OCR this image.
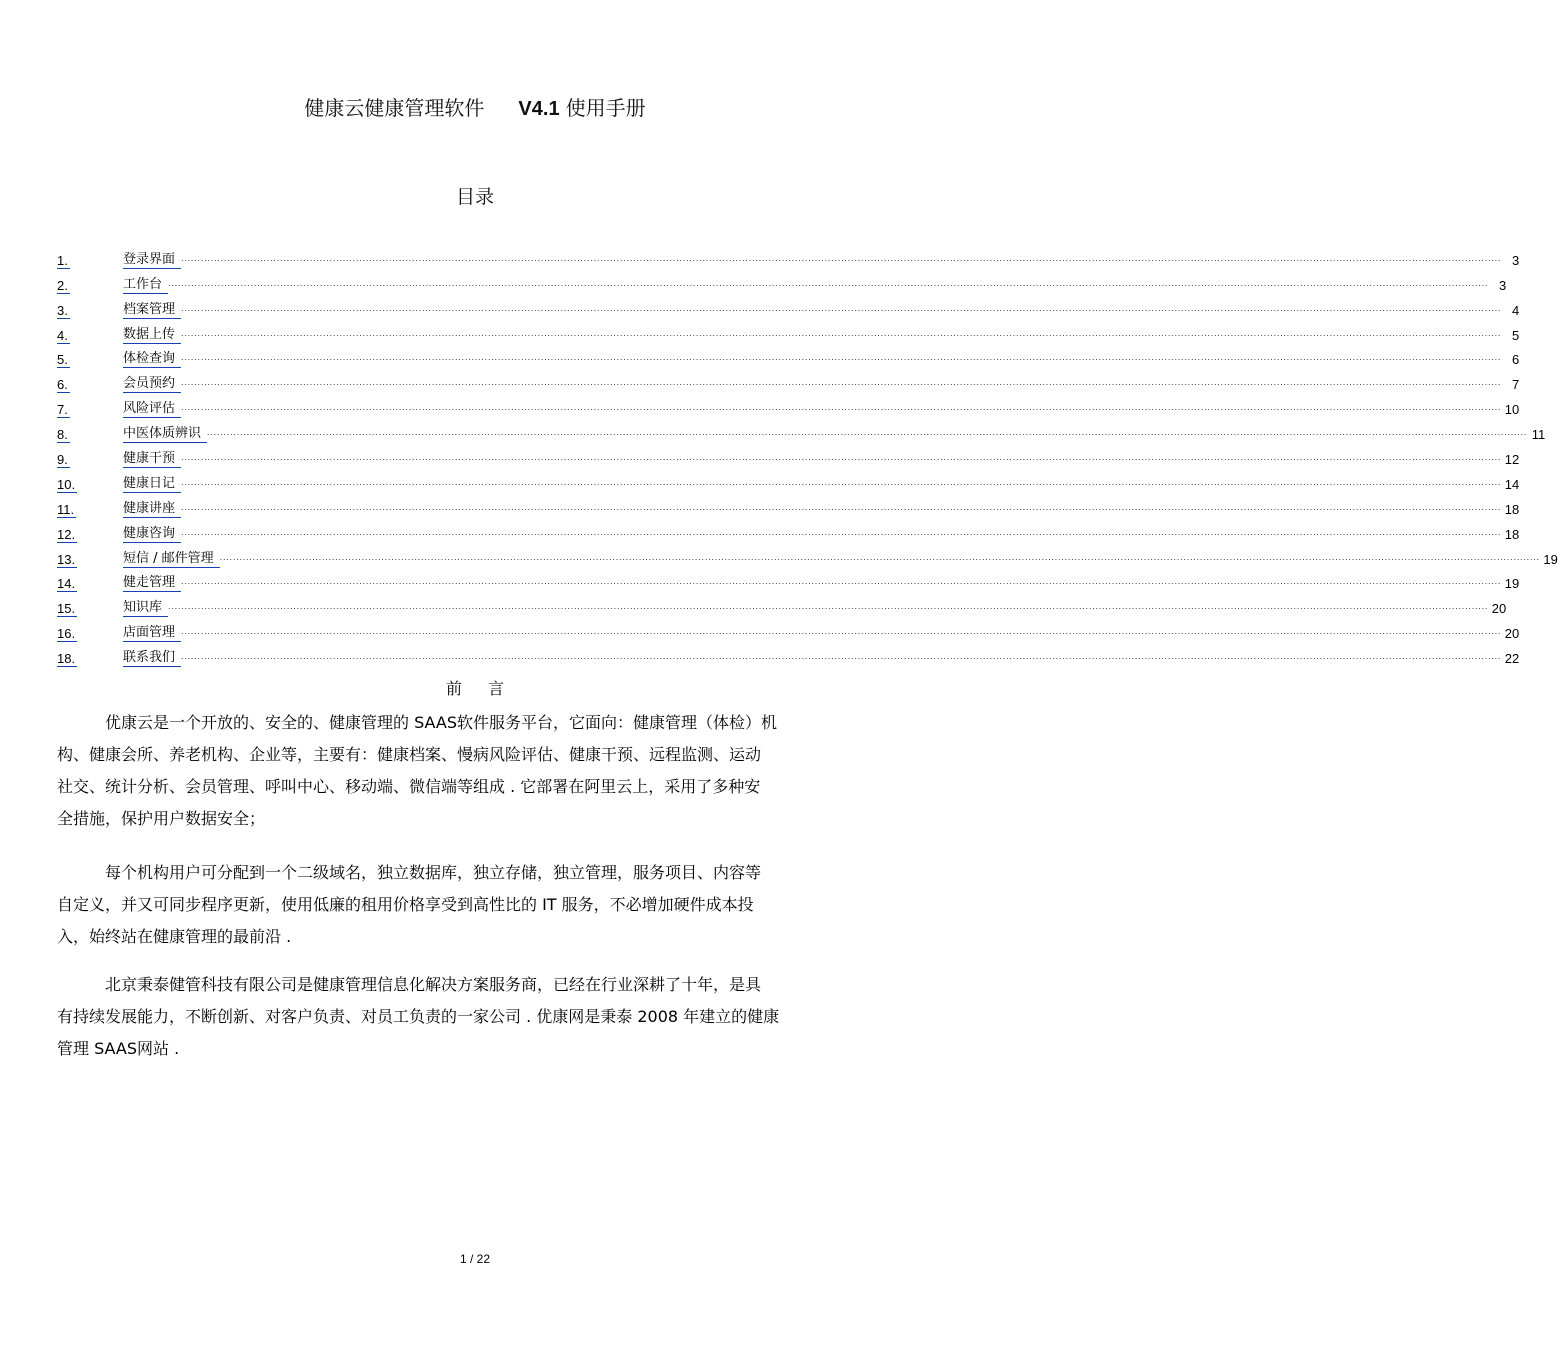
健康云健康管理软件 V4.1 使用手册
目录
1.	登录界面 ................................................................................................................................................................................................................................................................................................................................................................................................................ 3
2.	工作台 ................................................................................................................................................................................................................................................................................................................................................................................................................ 3
3.	档案管理 ................................................................................................................................................................................................................................................................................................................................................................................................................ 4
4.	数据上传 ................................................................................................................................................................................................................................................................................................................................................................................................................ 5
5.	体检查询 ................................................................................................................................................................................................................................................................................................................................................................................................................ 6
6.	会员预约 ................................................................................................................................................................................................................................................................................................................................................................................................................ 7
7.	风险评估 ................................................................................................................................................................................................................................................................................................................................................................................................................ 10
8.	中医体质辨识 ................................................................................................................................................................................................................................................................................................................................................................................................................ 11
9.	健康干预 ................................................................................................................................................................................................................................................................................................................................................................................................................ 12
10.	健康日记 ................................................................................................................................................................................................................................................................................................................................................................................................................ 14
11.	健康讲座 ................................................................................................................................................................................................................................................................................................................................................................................................................ 18
12.	健康咨询 ................................................................................................................................................................................................................................................................................................................................................................................................................ 18
13.	短信 / 邮件管理 ................................................................................................................................................................................................................................................................................................................................................................................................................ 19
14.	健走管理 ................................................................................................................................................................................................................................................................................................................................................................................................................ 19
15.	知识库 ................................................................................................................................................................................................................................................................................................................................................................................................................ 20
16.	店面管理 ................................................................................................................................................................................................................................................................................................................................................................................................................ 20
18.	联系我们 ................................................................................................................................................................................................................................................................................................................................................................................................................ 22
前言

优康云是一个开放的、安全的、健康管理的 SAAS软件服务平台，它面向：健康管理（体检）机

构、健康会所、养老机构、企业等，主要有：健康档案、慢病风险评估、健康干预、远程监测、运动

社交、统计分析、会员管理、呼叫中心、移动端、微信端等组成 . 它部署在阿里云上，采用了多种安

全措施，保护用户数据安全；

每个机构用户可分配到一个二级域名，独立数据库，独立存储，独立管理，服务项目、内容等

自定义，并又可同步程序更新，使用低廉的租用价格享受到高性比的 IT 服务，不必增加硬件成本投

入，始终站在健康管理的最前沿 .

北京秉泰健管科技有限公司是健康管理信息化解决方案服务商，已经在行业深耕了十年，是具

有持续发展能力，不断创新、对客户负责、对员工负责的一家公司 . 优康网是秉泰 2008 年建立的健康

管理 SAAS网站 .

1 / 22
